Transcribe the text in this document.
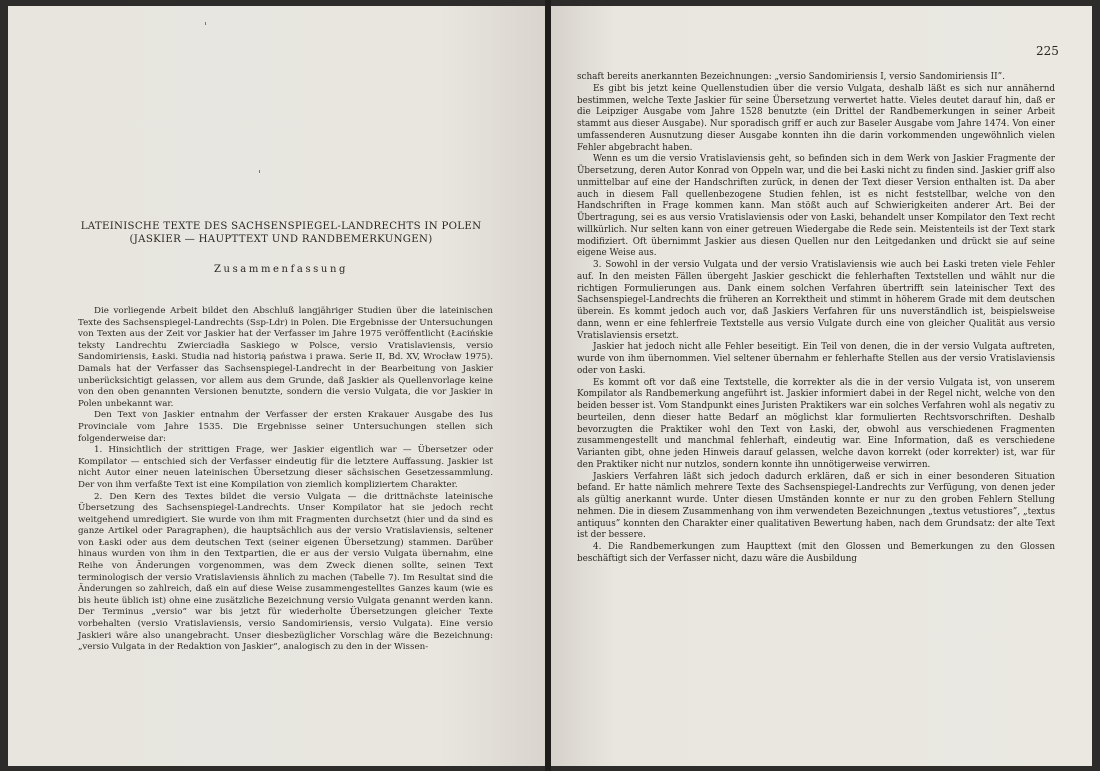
LATEINISCHE TEXTE DES SACHSENSPIEGEL-LANDRECHTS IN POLEN

(JASKIER — HAUPTTEXT UND RANDBEMERKUNGEN)

Zusammenfassung

Die vorliegende Arbeit bildet den Abschluß langjähriger Studien über die lateinischen Texte des Sachsenspiegel-Landrechts (Ssp-Ldr) in Polen. Die Ergebnisse der Untersuchungen von Texten aus der Zeit vor Jaskier hat der Verfasser im Jahre 1975 veröffentlicht (Łacińskie teksty Landrechtu Zwierciadła Saskiego w Polsce, versio Vratislaviensis, versio Sandomiriensis, Łaski. Studia nad historią państwa i prawa. Serie II, Bd. XV, Wrocław 1975). Damals hat der Verfasser das Sachsenspiegel-Landrecht in der Bearbeitung von Jaskier unberücksichtigt gelassen, vor allem aus dem Grunde, daß Jaskier als Quellenvorlage keine von den oben genannten Versionen benutzte, sondern die versio Vulgata, die vor Jaskier in Polen unbekannt war.

Den Text von Jaskier entnahm der Verfasser der ersten Krakauer Ausgabe des Ius Provinciale vom Jahre 1535. Die Ergebnisse seiner Untersuchungen stellen sich folgenderweise dar:

1. Hinsichtlich der strittigen Frage, wer Jaskier eigentlich war — Übersetzer oder Kompilator — entschied sich der Verfasser eindeutig für die letztere Auffassung. Jaskier ist nicht Autor einer neuen lateinischen Übersetzung dieser sächsischen Gesetzessammlung. Der von ihm verfaßte Text ist eine Kompilation von ziemlich kompliziertem Charakter.

2. Den Kern des Textes bildet die versio Vulgata — die drittnächste lateinische Übersetzung des Sachsenspiegel-Landrechts. Unser Kompilator hat sie jedoch recht weitgehend umredigiert. Sie wurde von ihm mit Fragmenten durchsetzt (hier und da sind es ganze Artikel oder Paragraphen), die hauptsächlich aus der versio Vratislaviensis, seltener von Łaski oder aus dem deutschen Text (seiner eigenen Übersetzung) stammen. Darüber hinaus wurden von ihm in den Textpartien, die er aus der versio Vulgata übernahm, eine Reihe von Änderungen vorgenommen, was dem Zweck dienen sollte, seinen Text terminologisch der versio Vratislaviensis ähnlich zu machen (Tabelle 7). Im Resultat sind die Änderungen so zahlreich, daß ein auf diese Weise zusammengestelltes Ganzes kaum (wie es bis heute üblich ist) ohne eine zusätzliche Bezeichnung versio Vulgata genannt werden kann. Der Terminus „versio” war bis jetzt für wiederholte Übersetzungen gleicher Texte vorbehalten (versio Vratislaviensis, versio Sandomiriensis, versio Vulgata). Eine versio Jaskieri wäre also unangebracht. Unser diesbezüglicher Vorschlag wäre die Bezeichnung: „versio Vulgata in der Redaktion von Jaskier”, analogisch zu den in der Wissen-

'
'
225

schaft bereits anerkannten Bezeichnungen: „versio Sandomiriensis I, versio Sandomiriensis II”.

Es gibt bis jetzt keine Quellenstudien über die versio Vulgata, deshalb läßt es sich nur annähernd bestimmen, welche Texte Jaskier für seine Übersetzung verwertet hatte. Vieles deutet darauf hin, daß er die Leipziger Ausgabe vom Jahre 1528 benutzte (ein Drittel der Randbemerkungen in seiner Arbeit stammt aus dieser Ausgabe). Nur sporadisch griff er auch zur Baseler Ausgabe vom Jahre 1474. Von einer umfassenderen Ausnutzung dieser Ausgabe konnten ihn die darin vorkommenden ungewöhnlich vielen Fehler abgebracht haben.

Wenn es um die versio Vratislaviensis geht, so befinden sich in dem Werk von Jaskier Fragmente der Übersetzung, deren Autor Konrad von Oppeln war, und die bei Łaski nicht zu finden sind. Jaskier griff also unmittelbar auf eine der Handschriften zurück, in denen der Text dieser Version enthalten ist. Da aber auch in diesem Fall quellenbezogene Studien fehlen, ist es nicht feststellbar, welche von den Handschriften in Frage kommen kann. Man stößt auch auf Schwierigkeiten anderer Art. Bei der Übertragung, sei es aus versio Vratislaviensis oder von Łaski, behandelt unser Kompilator den Text recht willkürlich. Nur selten kann von einer getreuen Wiedergabe die Rede sein. Meistenteils ist der Text stark modifiziert. Oft übernimmt Jaskier aus diesen Quellen nur den Leitgedanken und drückt sie auf seine eigene Weise aus.

3. Sowohl in der versio Vulgata und der versio Vratislaviensis wie auch bei Łaski treten viele Fehler auf. In den meisten Fällen übergeht Jaskier geschickt die fehlerhaften Textstellen und wählt nur die richtigen Formulierungen aus. Dank einem solchen Verfahren übertrifft sein lateinischer Text des Sachsenspiegel-Landrechts die früheren an Korrektheit und stimmt in höherem Grade mit dem deutschen überein. Es kommt jedoch auch vor, daß Jaskiers Verfahren für uns nuverständlich ist, beispielsweise dann, wenn er eine fehlerfreie Textstelle aus versio Vulgate durch eine von gleicher Qualität aus versio Vratislaviensis ersetzt.

Jaskier hat jedoch nicht alle Fehler beseitigt. Ein Teil von denen, die in der versio Vulgata auftreten, wurde von ihm übernommen. Viel seltener übernahm er fehlerhafte Stellen aus der versio Vratislaviensis oder von Łaski.

Es kommt oft vor daß eine Textstelle, die korrekter als die in der versio Vulgata ist, von unserem Kompilator als Randbemerkung angeführt ist. Jaskier informiert dabei in der Regel nicht, welche von den beiden besser ist. Vom Standpunkt eines Juristen Praktikers war ein solches Verfahren wohl als negativ zu beurteilen, denn dieser hatte Bedarf an möglichst klar formulierten Rechtsvorschriften. Deshalb bevorzugten die Praktiker wohl den Text von Łaski, der, obwohl aus verschiedenen Fragmenten zusammengestellt und manchmal fehlerhaft, eindeutig war. Eine Information, daß es verschiedene Varianten gibt, ohne jeden Hinweis darauf gelassen, welche davon korrekt (oder korrekter) ist, war für den Praktiker nicht nur nutzlos, sondern konnte ihn unnötigerweise verwirren.

Jaskiers Verfahren läßt sich jedoch dadurch erklären, daß er sich in einer besonderen Situation befand. Er hatte nämlich mehrere Texte des Sachsenspiegel-Landrechts zur Verfügung, von denen jeder als gültig anerkannt wurde. Unter diesen Umständen konnte er nur zu den groben Fehlern Stellung nehmen. Die in diesem Zusammenhang von ihm verwendeten Bezeichnungen „textus vetustiores”, „textus antiquus” konnten den Charakter einer qualitativen Bewertung haben, nach dem Grundsatz: der alte Text ist der bessere.

4. Die Randbemerkungen zum Haupttext (mit den Glossen und Bemerkungen zu den Glossen beschäftigt sich der Verfasser nicht, dazu wäre die Ausbildung
